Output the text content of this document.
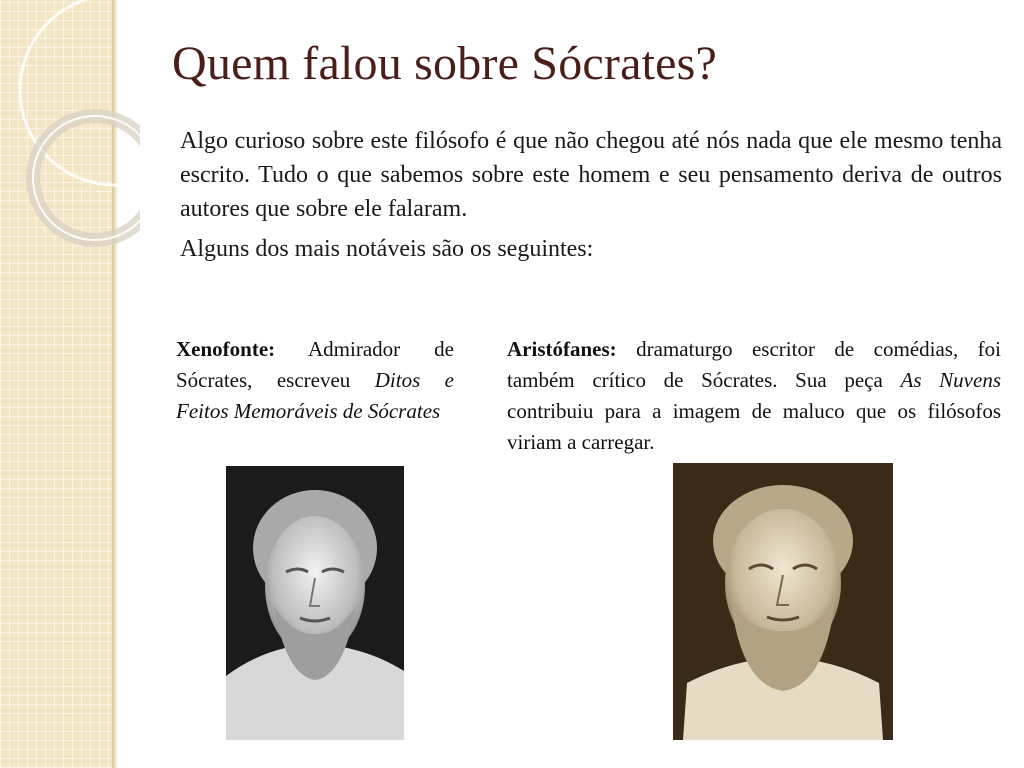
Quem falou sobre Sócrates?

Algo curioso sobre este filósofo é que não chegou até nós nada que ele mesmo tenha escrito. Tudo o que sabemos sobre este homem e seu pensamento deriva de outros autores que sobre ele falaram.

Alguns dos mais notáveis são os seguintes:

Xenofonte: Admirador de Sócrates, escreveu Ditos e Feitos Memoráveis de Sócrates
Aristófanes: dramaturgo escritor de comédias, foi também crítico de Sócrates. Sua peça As Nuvens contribuiu para a imagem de maluco que os filósofos viriam a carregar.
